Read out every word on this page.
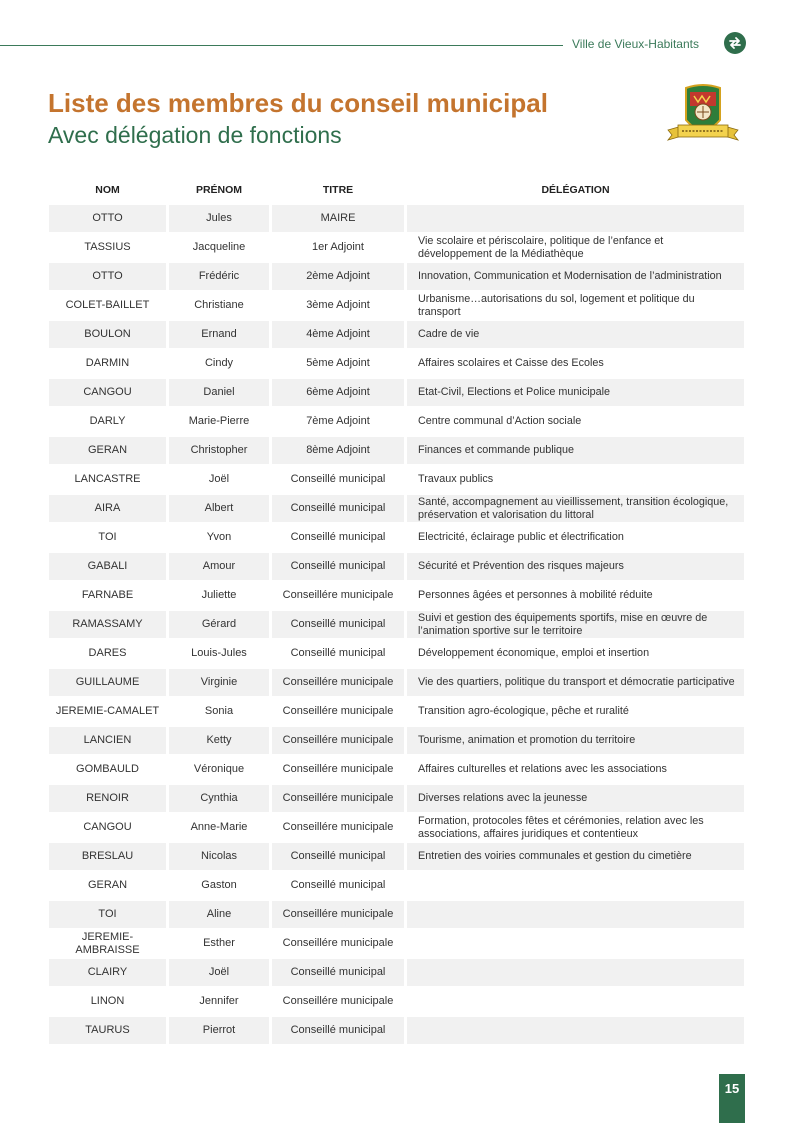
Ville de Vieux-Habitants
Liste des membres du conseil municipal
Avec délégation de fonctions
NOM	PRÉNOM	TITRE	DÉLÉGATION
OTTO	Jules	MAIRE	
TASSIUS	Jacqueline	1er Adjoint	Vie scolaire et périscolaire, politique de l’enfance et développement de la Médiathèque
OTTO	Frédéric	2ème Adjoint	Innovation, Communication et Modernisation de l’administration
COLET-BAILLET	Christiane	3ème Adjoint	Urbanisme…autorisations du sol, logement et politique du transport
BOULON	Ernand	4ème Adjoint	Cadre de vie
DARMIN	Cindy	5ème Adjoint	Affaires scolaires et Caisse des Ecoles
CANGOU	Daniel	6ème Adjoint	Etat-Civil, Elections et Police municipale
DARLY	Marie-Pierre	7ème Adjoint	Centre communal d’Action sociale
GERAN	Christopher	8ème Adjoint	Finances et commande publique
LANCASTRE	Joël	Conseillé municipal	Travaux publics
AIRA	Albert	Conseillé municipal	Santé, accompagnement au vieillissement, transition écologique, préservation et valorisation du littoral
TOI	Yvon	Conseillé municipal	Electricité, éclairage public et électrification
GABALI	Amour	Conseillé municipal	Sécurité et Prévention des risques majeurs
FARNABE	Juliette	Conseillére municipale	Personnes âgées et personnes à mobilité réduite
RAMASSAMY	Gérard	Conseillé municipal	Suivi et gestion des équipements sportifs, mise en œuvre de l’animation sportive sur le territoire
DARES	Louis-Jules	Conseillé municipal	Développement économique, emploi et insertion
GUILLAUME	Virginie	Conseillére municipale	Vie des quartiers, politique du transport et démocratie participative
JEREMIE-CAMALET	Sonia	Conseillére municipale	Transition agro-écologique, pêche et ruralité
LANCIEN	Ketty	Conseillére municipale	Tourisme, animation et promotion du territoire
GOMBAULD	Véronique	Conseillére municipale	Affaires culturelles et relations avec les associations
RENOIR	Cynthia	Conseillére municipale	Diverses relations avec la jeunesse
CANGOU	Anne-Marie	Conseillére municipale	Formation, protocoles fêtes et cérémonies, relation avec les associations, affaires juridiques et contentieux
BRESLAU	Nicolas	Conseillé municipal	Entretien des voiries communales et gestion du cimetière
GERAN	Gaston	Conseillé municipal	
TOI	Aline	Conseillére municipale	
JEREMIE-AMBRAISSE	Esther	Conseillére municipale	
CLAIRY	Joël	Conseillé municipal	
LINON	Jennifer	Conseillére municipale	
TAURUS	Pierrot	Conseillé municipal	
15
